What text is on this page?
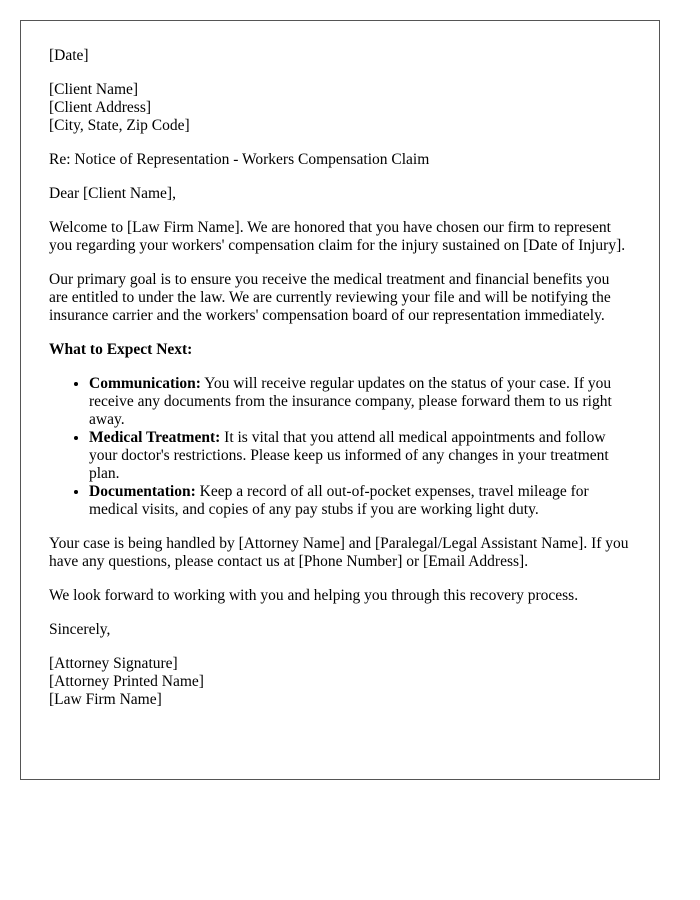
[Date]
[Client Name]
[Client Address]
[City, State, Zip Code]

Re: Notice of Representation - Workers Compensation Claim

Dear [Client Name],

Welcome to [Law Firm Name]. We are honored that you have chosen our firm to represent you regarding your workers' compensation claim for the injury sustained on [Date of Injury].

Our primary goal is to ensure you receive the medical treatment and financial benefits you are entitled to under the law. We are currently reviewing your file and will be notifying the insurance carrier and the workers' compensation board of our representation immediately.

What to Expect Next:
• Communication: You will receive regular updates on the status of your case. If you receive any documents from the insurance company, please forward them to us right away.
• Medical Treatment: It is vital that you attend all medical appointments and follow your doctor's restrictions. Please keep us informed of any changes in your treatment plan.
• Documentation: Keep a record of all out-of-pocket expenses, travel mileage for medical visits, and copies of any pay stubs if you are working light duty.

Your case is being handled by [Attorney Name] and [Paralegal/Legal Assistant Name]. If you have any questions, please contact us at [Phone Number] or [Email Address].

We look forward to working with you and helping you through this recovery process.

Sincerely,

[Attorney Signature]
[Attorney Printed Name]
[Law Firm Name]
